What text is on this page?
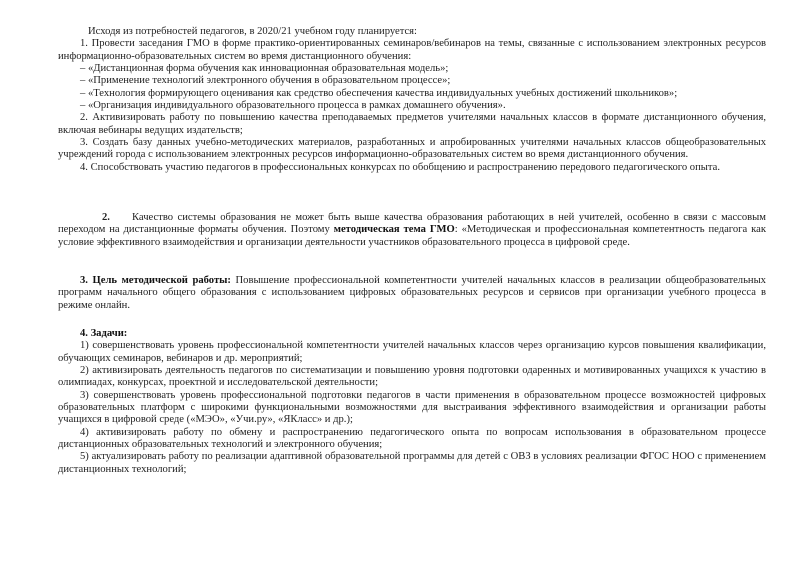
Исходя из потребностей педагогов, в 2020/21 учебном году планируется:

1. Провести заседания ГМО в форме практико-ориентированных семинаров/вебинаров на темы, связанные с использованием электронных ресурсов информационно-образовательных систем во время дистанционного обучения:

– «Дистанционная форма обучения как инновационная образовательная модель»;

– «Применение технологий электронного обучения в образовательном процессе»;

– «Технология формирующего оценивания как средство обеспечения качества индивидуальных учебных достижений школьников»;

– «Организация индивидуального образовательного процесса в рамках домашнего обучения».

2. Активизировать работу по повышению качества преподаваемых предметов учителями начальных классов в формате дистанционного обучения, включая вебинары ведущих издательств;

3. Создать базу данных учебно-методических материалов, разработанных и апробированных учителями начальных классов общеобразовательных учреждений города с использованием электронных ресурсов информационно-образовательных систем во время дистанционного обучения.

4. Способствовать участию педагогов в профессиональных конкурсах по обобщению и распространению передового педагогического опыта.

2. Качество системы образования не может быть выше качества образования работающих в ней учителей, особенно в связи с массовым переходом на дистанционные форматы обучения. Поэтому методическая тема ГМО: «Методическая и профессиональная компетентность педагога как условие эффективного взаимодействия и организации деятельности участников образовательного процесса в цифровой среде.

3. Цель методической работы: Повышение профессиональной компетентности учителей начальных классов в реализации общеобразовательных программ начального общего образования с использованием цифровых образовательных ресурсов и сервисов при организации учебного процесса в режиме онлайн.

4. Задачи:

1) совершенствовать уровень профессиональной компетентности учителей начальных классов через организацию курсов повышения квалификации, обучающих семинаров, вебинаров и др. мероприятий;

2) активизировать деятельность педагогов по систематизации и повышению уровня подготовки одаренных и мотивированных учащихся к участию в олимпиадах, конкурсах, проектной и исследовательской деятельности;

3) совершенствовать уровень профессиональной подготовки педагогов в части применения в образовательном процессе возможностей цифровых образовательных платформ с широкими функциональными возможностями для выстраивания эффективного взаимодействия и организации работы учащихся в цифровой среде («МЭО», «Учи.ру», «ЯКласс» и др.);

4) активизировать работу по обмену и распространению педагогического опыта по вопросам использования в образовательном процессе дистанционных образовательных технологий и электронного обучения;

5) актуализировать работу по реализации адаптивной образовательной программы для детей с ОВЗ в условиях реализации ФГОС НОО с применением дистанционных технологий;
